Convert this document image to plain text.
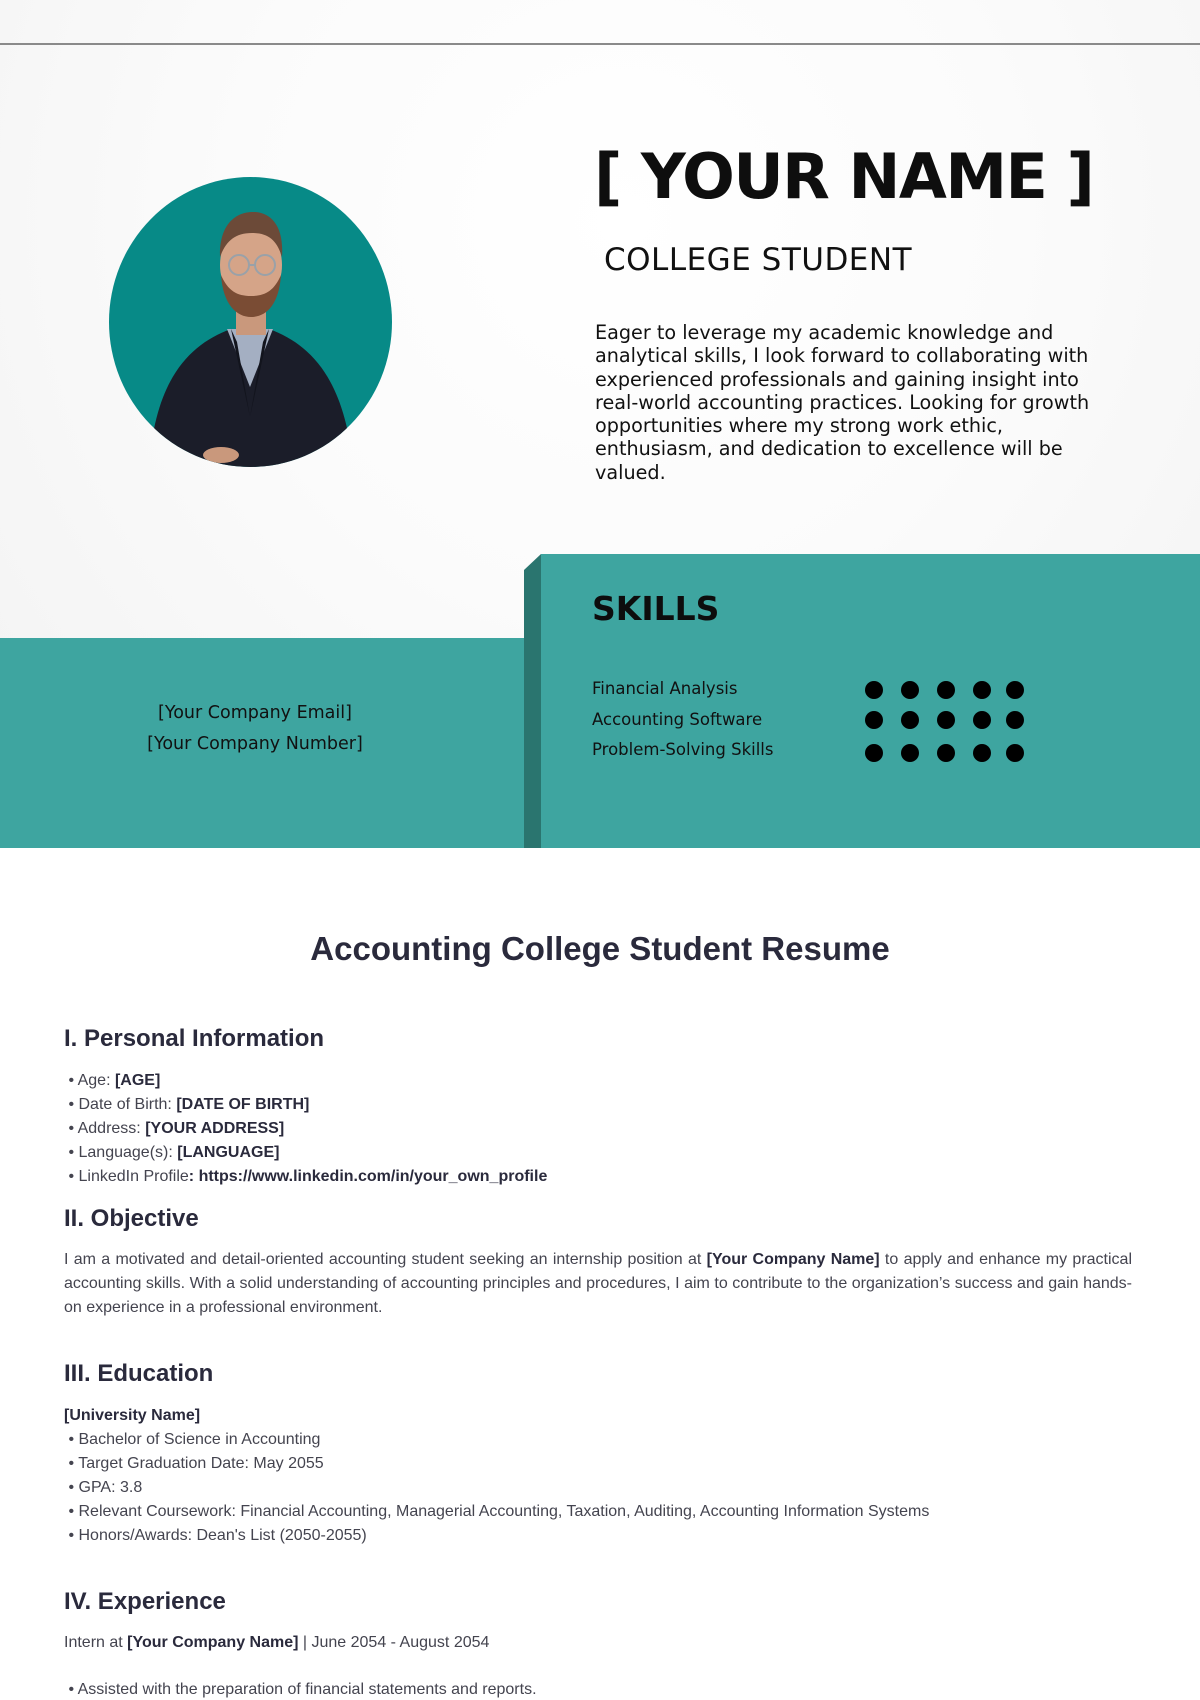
[ YOUR NAME ]
COLLEGE STUDENT
Eager to leverage my academic knowledge and analytical skills, I look forward to collaborating with experienced professionals and gaining insight into real-world accounting practices. Looking for growth opportunities where my strong work ethic, enthusiasm, and dedication to excellence will be valued.
[Your Company Email]
[Your Company Number]
SKILLS
Financial Analysis
Accounting Software
Problem-Solving Skills
Accounting College Student Resume
I. Personal Information
• Age: [AGE]
• Date of Birth: [DATE OF BIRTH]
• Address: [YOUR ADDRESS]
• Language(s): [LANGUAGE]
• LinkedIn Profile: https://www.linkedin.com/in/your_own_profile
II. Objective
I am a motivated and detail-oriented accounting student seeking an internship position at [Your Company Name] to apply and enhance my practical accounting skills. With a solid understanding of accounting principles and procedures, I aim to contribute to the organization’s success and gain hands-on experience in a professional environment.
III. Education
[University Name]
• Bachelor of Science in Accounting
• Target Graduation Date: May 2055
• GPA: 3.8
• Relevant Coursework: Financial Accounting, Managerial Accounting, Taxation, Auditing, Accounting Information Systems
• Honors/Awards: Dean's List (2050-2055)
IV. Experience
Intern at [Your Company Name] | June 2054 - August 2054
• Assisted with the preparation of financial statements and reports.
